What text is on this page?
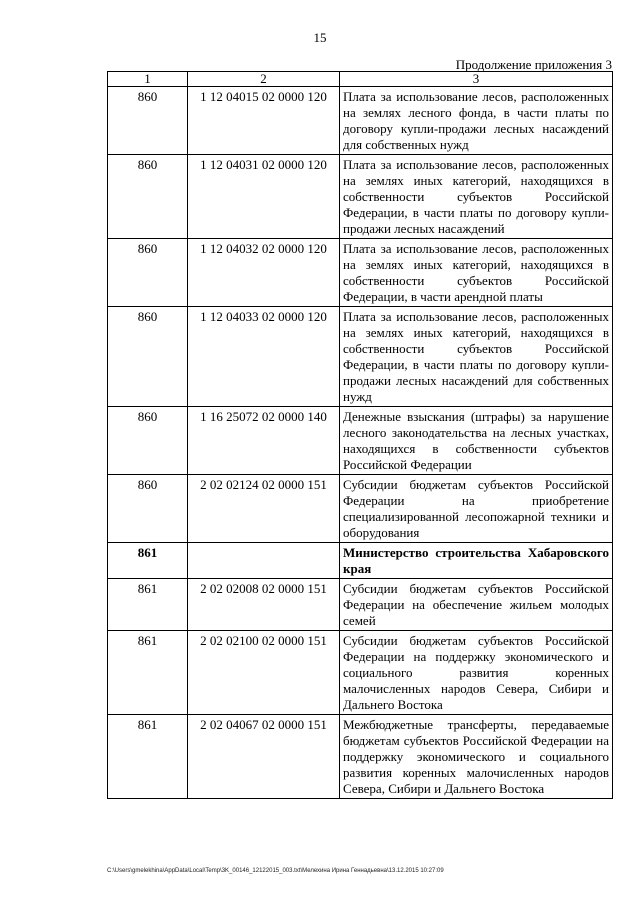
15
Продолжение приложения 3
1	2	3
860	1 12 04015 02 0000 120	Плата за использование лесов, расположенных на землях лесного фонда, в части платы по договору купли-продажи лесных насаждений для собственных нужд
860	1 12 04031 02 0000 120	Плата за использование лесов, расположенных на землях иных категорий, находящихся в собственности субъектов Российской Федерации, в части платы по договору купли-продажи лесных насаждений
860	1 12 04032 02 0000 120	Плата за использование лесов, расположенных на землях иных категорий, находящихся в собственности субъектов Российской Федерации, в части арендной платы
860	1 12 04033 02 0000 120	Плата за использование лесов, расположенных на землях иных категорий, находящихся в собственности субъектов Российской Федерации, в части платы по договору купли-продажи лесных насаждений для собственных нужд
860	1 16 25072 02 0000 140	Денежные взыскания (штрафы) за нарушение лесного законодательства на лесных участках, находящихся в собственности субъектов Российской Федерации
860	2 02 02124 02 0000 151	Субсидии бюджетам субъектов Российской Федерации на приобретение специализированной лесопожарной техники и оборудования
861		Министерство строительства Хабаровского края
861	2 02 02008 02 0000 151	Субсидии бюджетам субъектов Российской Федерации на обеспечение жильем молодых семей
861	2 02 02100 02 0000 151	Субсидии бюджетам субъектов Российской Федерации на поддержку экономического и социального развития коренных малочисленных народов Севера, Сибири и Дальнего Востока
861	2 02 04067 02 0000 151	Межбюджетные трансферты, передаваемые бюджетам субъектов Российской Федерации на поддержку экономического и социального развития коренных малочисленных народов Севера, Сибири и Дальнего Востока
C:\Users\gmelekhina\AppData\Local\Temp\3K_00146_12122015_003.txt\Мелехина Ирина Геннадьевна\13.12.2015 10:27:09
